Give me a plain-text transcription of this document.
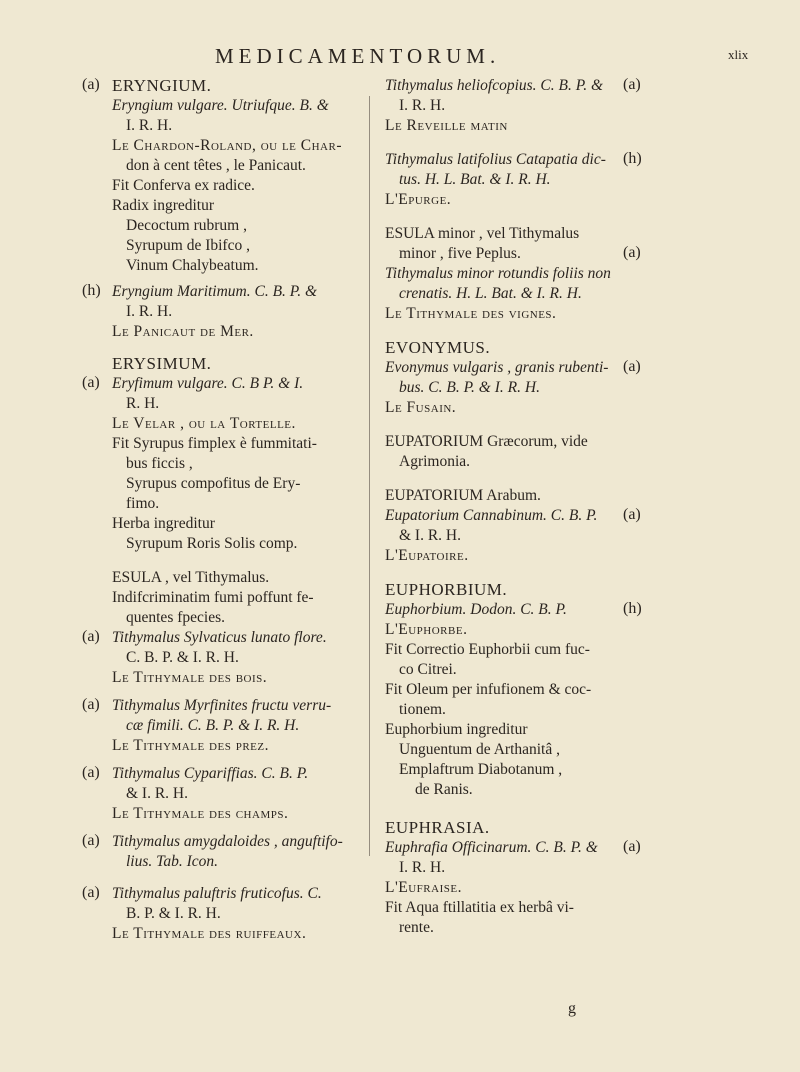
MEDICAMENTORUM.	xlix
ERYNGIUM.
Eryngium vulgare. Utriufque. B. &
I. R. H.
Le Chardon-Roland, ou le Char-
don à cent têtes , le Panicaut.
Fit Conferva ex radice.
Radix ingreditur
Decoctum rubrum ,
Syrupum de Ibifco ,
Vinum Chalybeatum.
(a)
Eryngium Maritimum. C. B. P. &
I. R. H.
Le Panicaut de Mer.
(h)
ERYSIMUM.
Eryfimum vulgare. C. B P. & I.
R. H.
Le Velar , ou la Tortelle.
Fit Syrupus fimplex è fummitati-
bus ficcis ,
Syrupus compofitus de Ery-
fimo.
Herba ingreditur
Syrupum Roris Solis comp.
(a)
ESULA , vel Tithymalus.
Indifcriminatim fumi poffunt fe-
quentes fpecies.
Tithymalus Sylvaticus lunato flore.
C. B. P. & I. R. H.
Le Tithymale des bois.
(a)
Tithymalus Myrfinites fructu verru-
cæ fimili. C. B. P. & I. R. H.
Le Tithymale des prez.
(a)
Tithymalus Cypariffias. C. B. P.
& I. R. H.
Le Tithymale des champs.
(a)
Tithymalus amygdaloides , anguftifo-
lius. Tab. Icon.
(a)
Tithymalus paluftris fruticofus. C.
B. P. & I. R. H.
Le Tithymale des ruiffeaux.
(a)
Tithymalus heliofcopius. C. B. P. &
I. R. H.
Le Reveille matin
(a)
Tithymalus latifolius Catapatia dic-
tus. H. L. Bat. & I. R. H.
L'Epurge.
(h)
ESULA minor , vel Tithymalus
minor , five Peplus.
Tithymalus minor rotundis foliis non
crenatis. H. L. Bat. & I. R. H.
Le Tithymale des vignes.
(a)
EVONYMUS.
Evonymus vulgaris , granis rubenti-
bus. C. B. P. & I. R. H.
Le Fusain.
(a)
EUPATORIUM Græcorum, vide
Agrimonia.
EUPATORIUM Arabum.
Eupatorium Cannabinum. C. B. P.
& I. R. H.
L'Eupatoire.
(a)
EUPHORBIUM.
Euphorbium. Dodon. C. B. P.
L'Euphorbe.
Fit Correctio Euphorbii cum fuc-
co Citrei.
Fit Oleum per infufionem & coc-
tionem.
Euphorbium ingreditur
Unguentum de Arthanitâ ,
Emplaftrum Diabotanum ,
de Ranis.
(h)
EUPHRASIA.
Euphrafia Officinarum. C. B. P. &
I. R. H.
L'Eufraise.
Fit Aqua ftillatitia ex herbâ vi-
rente.
(a)
g
